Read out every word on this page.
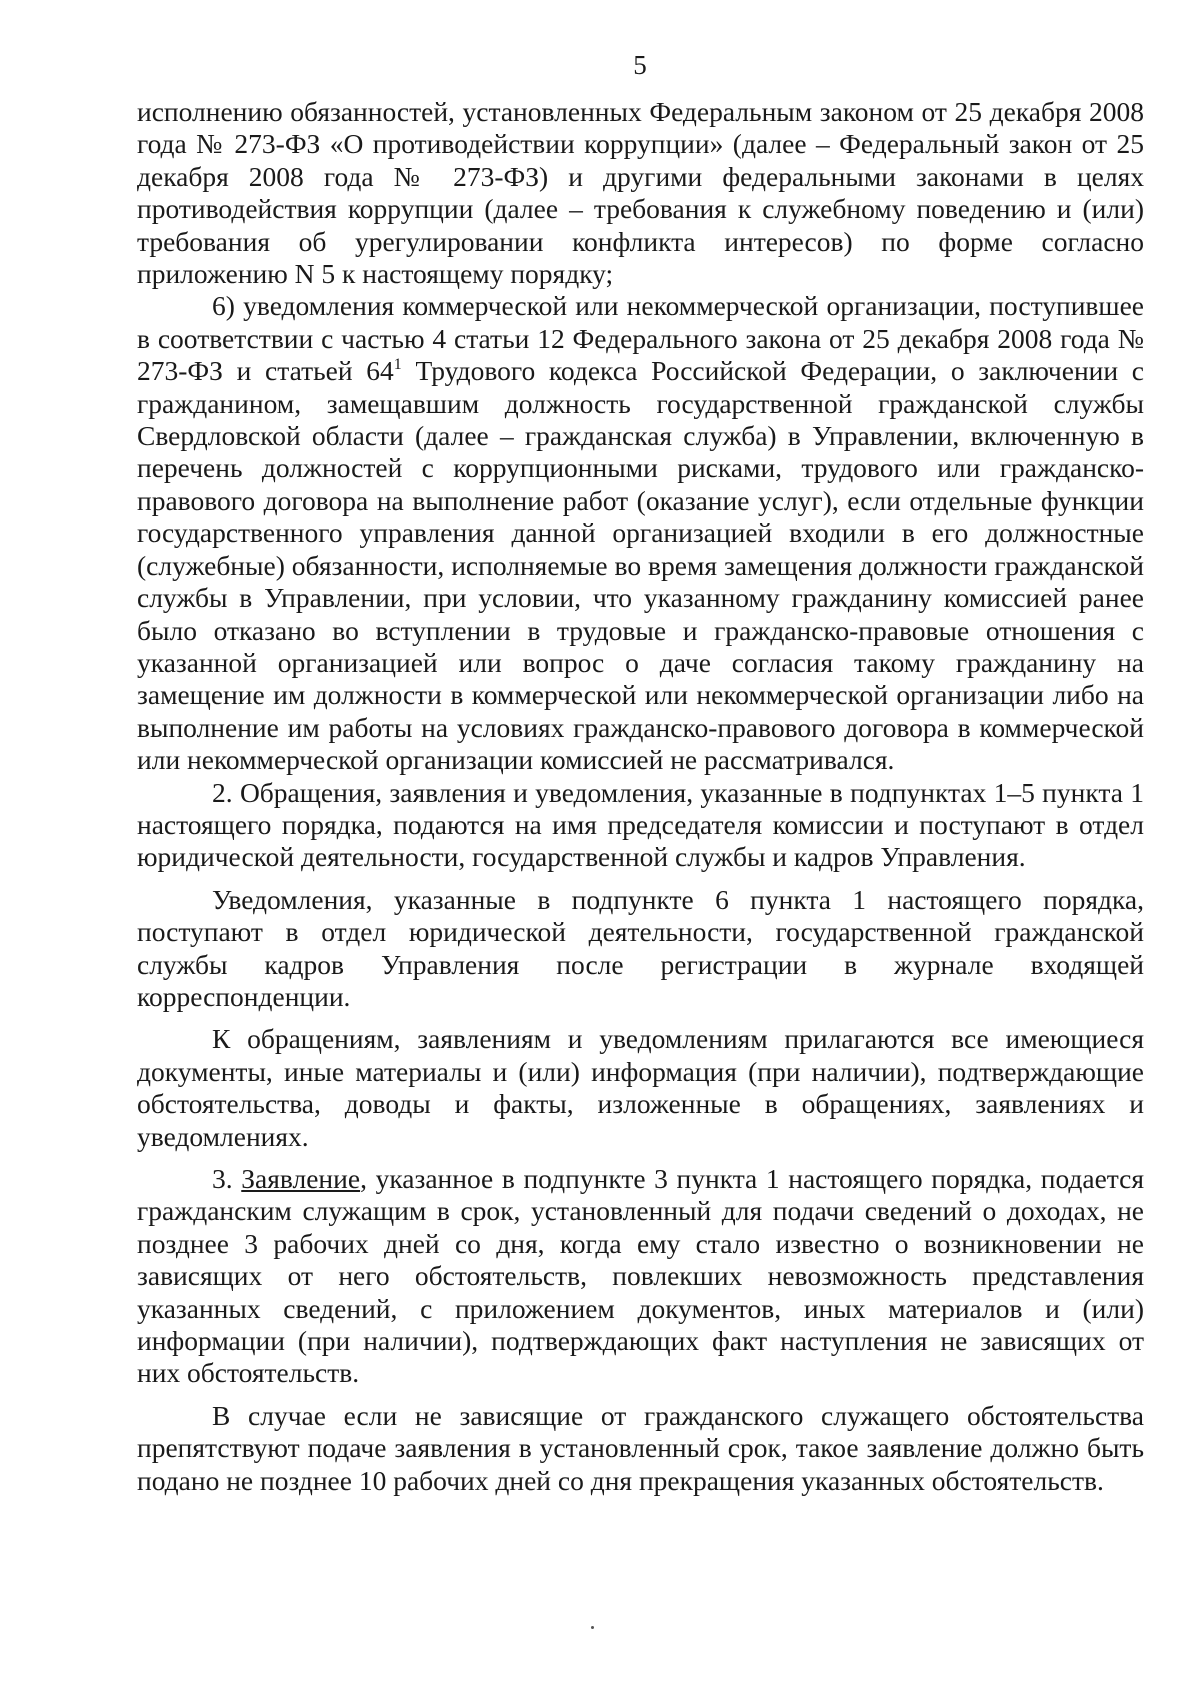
5

исполнению обязанностей, установленных Федеральным законом от 25 декабря 2008 года № 273-ФЗ «О противодействии коррупции» (далее – Федеральный закон от 25 декабря 2008 года № 273-ФЗ) и другими федеральными законами в целях противодействия коррупции (далее – требования к служебному поведению и (или) требования об урегулировании конфликта интересов) по форме согласно приложению N 5 к настоящему порядку;

6) уведомления коммерческой или некоммерческой организации, поступившее в соответствии с частью 4 статьи 12 Федерального закона от 25 декабря 2008 года № 273-ФЗ и статьей $64^1$ Трудового кодекса Российской Федерации, о заключении с гражданином, замещавшим должность государственной гражданской службы Свердловской области (далее – гражданская служба) в Управлении, включенную в перечень должностей с коррупционными рисками, трудового или гражданско-правового договора на выполнение работ (оказание услуг), если отдельные функции государственного управления данной организацией входили в его должностные (служебные) обязанности, исполняемые во время замещения должности гражданской службы в Управлении, при условии, что указанному гражданину комиссией ранее было отказано во вступлении в трудовые и гражданско-правовые отношения с указанной организацией или вопрос о даче согласия такому гражданину на замещение им должности в коммерческой или некоммерческой организации либо на выполнение им работы на условиях гражданско-правового договора в коммерческой или некоммерческой организации комиссией не рассматривался.

2. Обращения, заявления и уведомления, указанные в подпунктах 1–5 пункта 1 настоящего порядка, подаются на имя председателя комиссии и поступают в отдел юридической деятельности, государственной службы и кадров Управления.

Уведомления, указанные в подпункте 6 пункта 1 настоящего порядка, поступают в отдел юридической деятельности, государственной гражданской службы кадров Управления после регистрации в журнале входящей корреспонденции.

К обращениям, заявлениям и уведомлениям прилагаются все имеющиеся документы, иные материалы и (или) информация (при наличии), подтверждающие обстоятельства, доводы и факты, изложенные в обращениях, заявлениях и уведомлениях.

3. Заявление, указанное в подпункте 3 пункта 1 настоящего порядка, подается гражданским служащим в срок, установленный для подачи сведений о доходах, не позднее 3 рабочих дней со дня, когда ему стало известно о возникновении не зависящих от него обстоятельств, повлекших невозможность представления указанных сведений, с приложением документов, иных материалов и (или) информации (при наличии), подтверждающих факт наступления не зависящих от них обстоятельств.

В случае если не зависящие от гражданского служащего обстоятельства препятствуют подаче заявления в установленный срок, такое заявление должно быть подано не позднее 10 рабочих дней со дня прекращения указанных обстоятельств.
